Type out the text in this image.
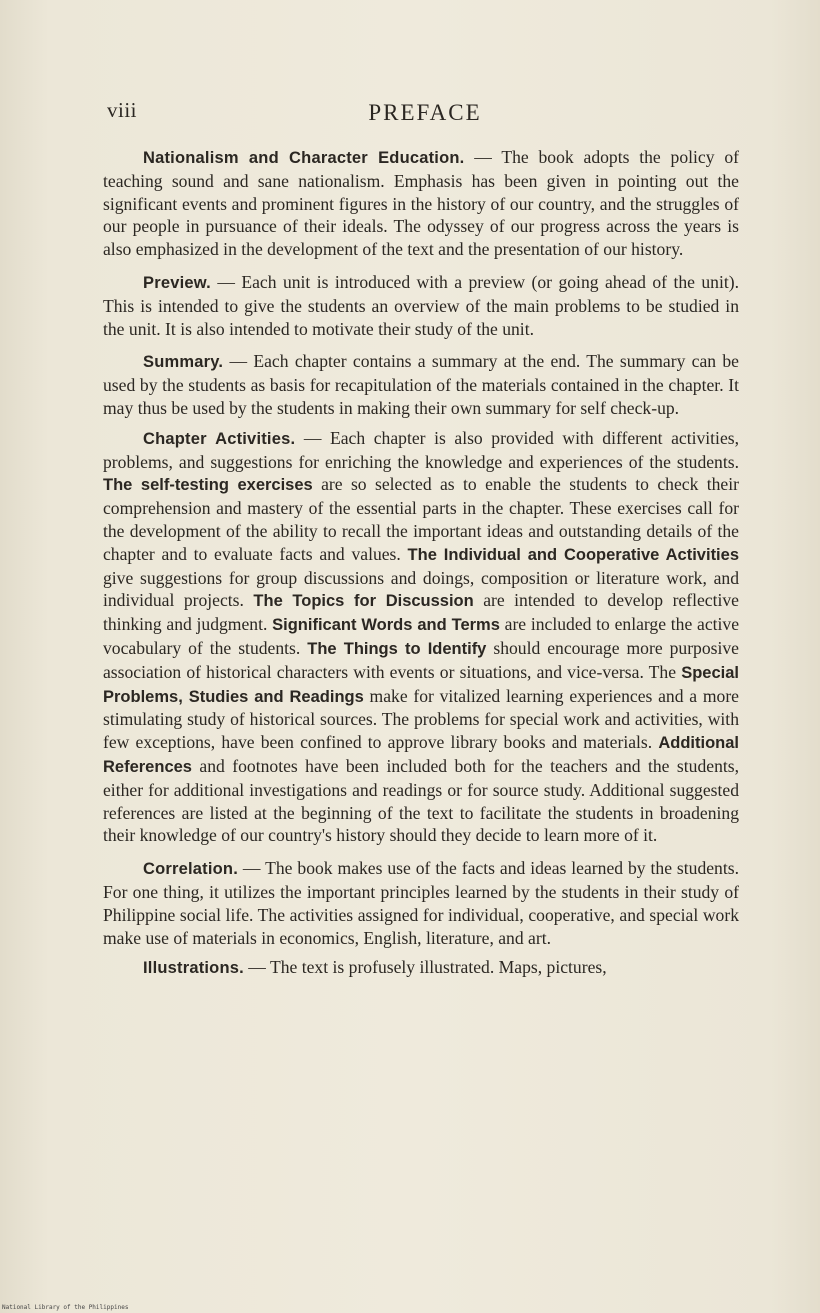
viii	PREFACE

Nationalism and Character Education. — The book adopts the policy of teaching sound and sane nationalism. Emphasis has been given in pointing out the significant events and prominent figures in the history of our country, and the struggles of our people in pursuance of their ideals. The odyssey of our progress across the years is also emphasized in the development of the text and the presentation of our history.

Preview. — Each unit is introduced with a preview (or going ahead of the unit). This is intended to give the students an overview of the main problems to be studied in the unit. It is also intended to motivate their study of the unit.

Summary. — Each chapter contains a summary at the end. The summary can be used by the students as basis for recapitulation of the materials contained in the chapter. It may thus be used by the students in making their own summary for self check-up.

Chapter Activities. — Each chapter is also provided with different activities, problems, and suggestions for enriching the knowledge and experiences of the students. The self-testing exercises are so selected as to enable the students to check their comprehension and mastery of the essential parts in the chapter. These exercises call for the development of the ability to recall the important ideas and outstanding details of the chapter and to evaluate facts and values. The Individual and Cooperative Activities give suggestions for group discussions and doings, composition or literature work, and individual projects. The Topics for Discussion are intended to develop reflective thinking and judgment. Significant Words and Terms are included to enlarge the active vocabulary of the students. The Things to Identify should encourage more purposive association of historical characters with events or situations, and vice-versa. The Special Problems, Studies and Readings make for vitalized learning experiences and a more stimulating study of historical sources. The problems for special work and activities, with few exceptions, have been confined to approve library books and materials. Additional References and footnotes have been included both for the teachers and the students, either for additional investigations and readings or for source study. Additional suggested references are listed at the beginning of the text to facilitate the students in broadening their knowledge of our country's history should they decide to learn more of it.

Correlation. — The book makes use of the facts and ideas learned by the students. For one thing, it utilizes the important principles learned by the students in their study of Philippine social life. The activities assigned for individual, cooperative, and special work make use of materials in economics, English, literature, and art.

Illustrations. — The text is profusely illustrated. Maps, pictures,

National Library of the Philippines
